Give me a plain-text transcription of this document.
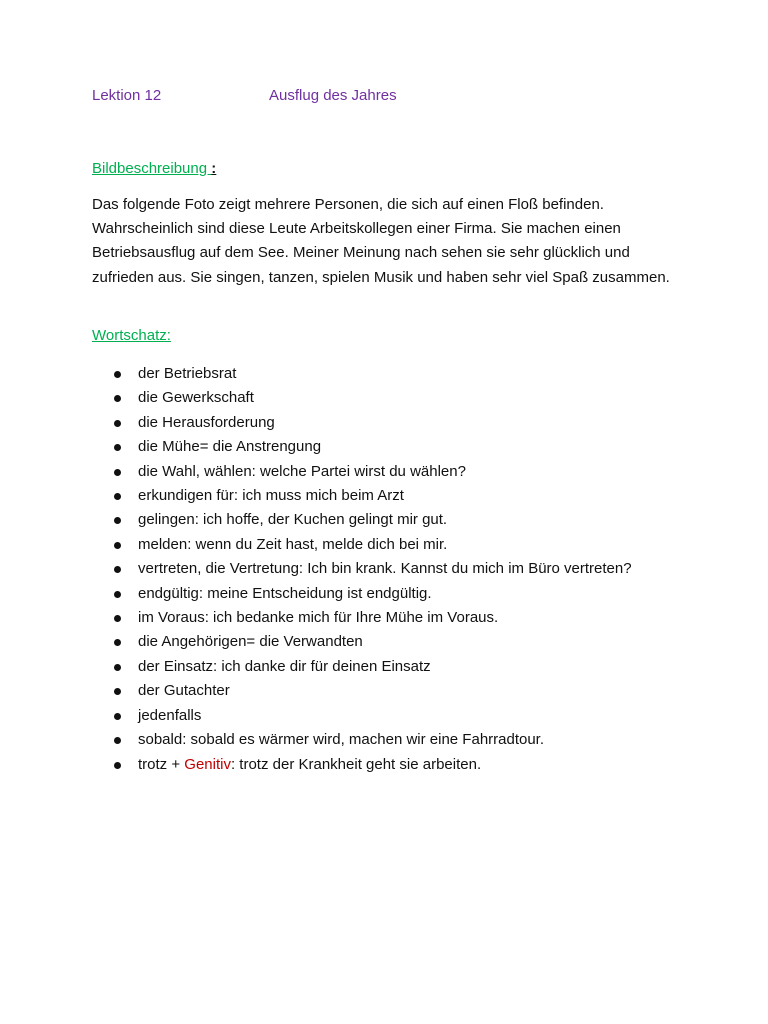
Lektion 12	Ausflug des Jahres
Bildbeschreibung :

Das folgende Foto zeigt mehrere Personen, die sich auf einen Floß befinden. Wahrscheinlich sind diese Leute Arbeitskollegen einer Firma. Sie machen einen Betriebsausflug auf dem See. Meiner Meinung nach sehen sie sehr glücklich und zufrieden aus. Sie singen, tanzen, spielen Musik und haben sehr viel Spaß zusammen.

Wortschatz:
der Betriebsrat
die Gewerkschaft
die Herausforderung
die Mühe= die Anstrengung
die Wahl, wählen: welche Partei wirst du wählen?
erkundigen für: ich muss mich beim Arzt
gelingen: ich hoffe, der Kuchen gelingt mir gut.
melden: wenn du Zeit hast, melde dich bei mir.
vertreten, die Vertretung: Ich bin krank. Kannst du mich im Büro vertreten?
endgültig: meine Entscheidung ist endgültig.
im Voraus: ich bedanke mich für Ihre Mühe im Voraus.
die Angehörigen= die Verwandten
der Einsatz: ich danke dir für deinen Einsatz
der Gutachter
jedenfalls
sobald: sobald es wärmer wird, machen wir eine Fahrradtour.
trotz + Genitiv: trotz der Krankheit geht sie arbeiten.
